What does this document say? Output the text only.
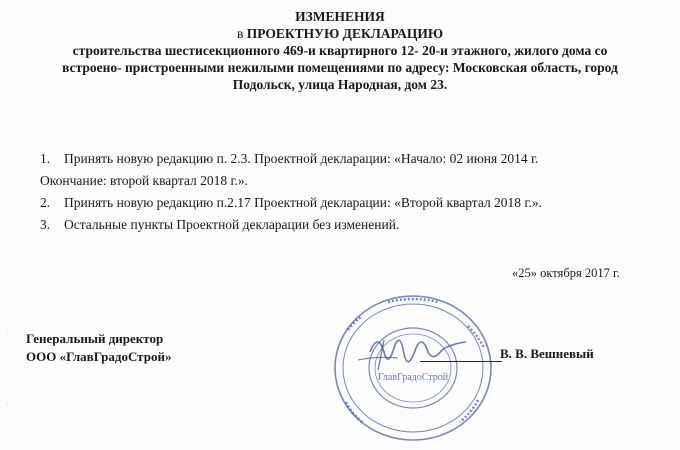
ИЗМЕНЕНИЯ
в ПРОЕКТНУЮ ДЕКЛАРАЦИЮ
строительства шестисекционного 469-и квартирного 12- 20-и этажного, жилого дома со
встроено- пристроенными нежилыми помещениями по адресу: Московская область, город
Подольск, улица Народная, дом 23.
1. Принять новую редакцию п. 2.3. Проектной декларации: «Начало: 02 июня 2014 г.
Окончание: второй квартал 2018 г.».
2. Принять новую редакцию п.2.17 Проектной декларации: «Второй квартал 2018 г.».
3. Остальные пункты Проектной декларации без изменений.
«25» октября 2017 г.
Генеральный директор
ООО «ГлавГрадоСтрой»
ГлавГрадоСтрой
В. В. Вешневый
·
·
